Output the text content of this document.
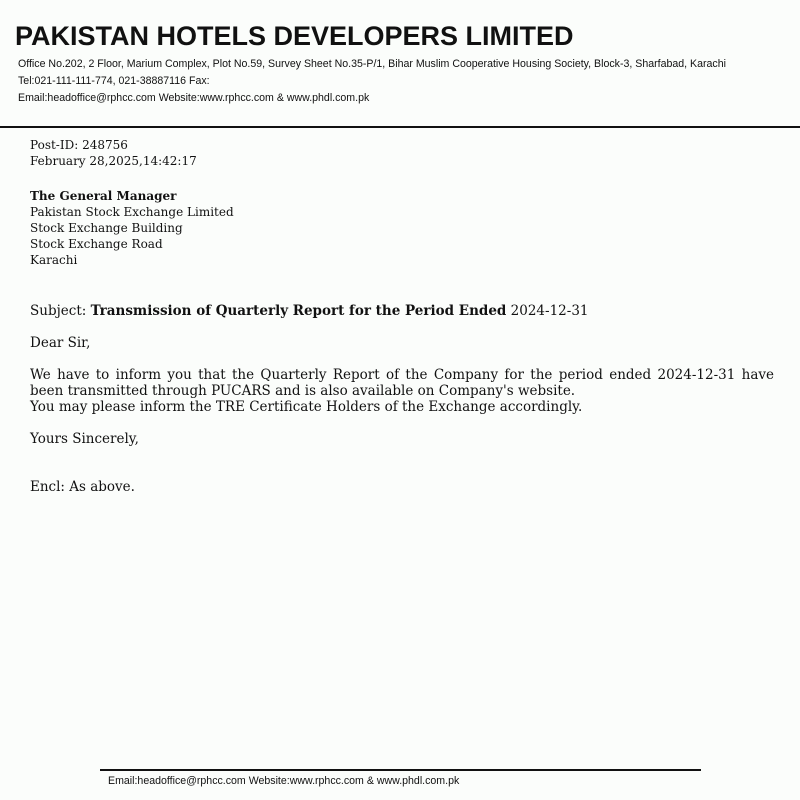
PAKISTAN HOTELS DEVELOPERS LIMITED
Office No.202, 2 Floor, Marium Complex, Plot No.59, Survey Sheet No.35-P/1, Bihar Muslim Cooperative Housing Society, Block-3, Sharfabad, Karachi
Tel:021-111-111-774, 021-38887116 Fax:
Email:headoffice@rphcc.com Website:www.rphcc.com & www.phdl.com.pk
Post-ID: 248756
February 28,2025,14:42:17
The General Manager
Pakistan Stock Exchange Limited
Stock Exchange Building
Stock Exchange Road
Karachi
Subject: Transmission of Quarterly Report for the Period Ended 2024-12-31
Dear Sir,

We have to inform you that the Quarterly Report of the Company for the period ended 2024-12-31 have been transmitted through PUCARS and is also available on Company's website.

You may please inform the TRE Certificate Holders of the Exchange accordingly.

Yours Sincerely,
Encl: As above.
Email:headoffice@rphcc.com Website:www.rphcc.com & www.phdl.com.pk
